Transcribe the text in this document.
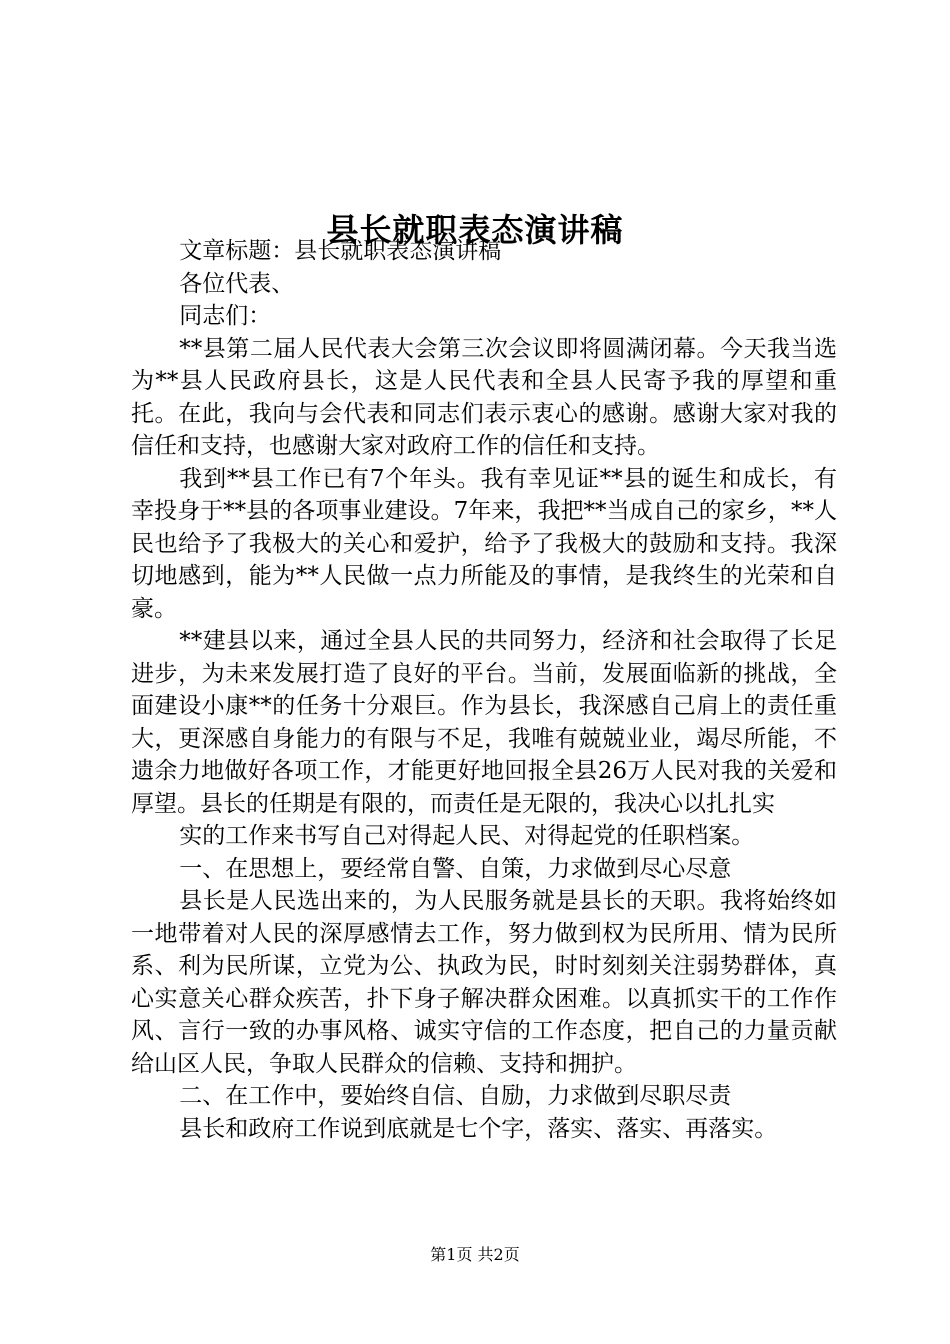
县长就职表态演讲稿

文章标题：县长就职表态演讲稿

各位代表、

同志们：

**县第二届人民代表大会第三次会议即将圆满闭幕。今天我当选为**县人民政府县长，这是人民代表和全县人民寄予我的厚望和重托。在此，我向与会代表和同志们表示衷心的感谢。感谢大家对我的信任和支持，也感谢大家对政府工作的信任和支持。

我到**县工作已有7个年头。我有幸见证**县的诞生和成长，有幸投身于**县的各项事业建设。7年来，我把**当成自己的家乡，**人民也给予了我极大的关心和爱护，给予了我极大的鼓励和支持。我深切地感到，能为**人民做一点力所能及的事情，是我终生的光荣和自豪。

**建县以来，通过全县人民的共同努力，经济和社会取得了长足进步，为未来发展打造了良好的平台。当前，发展面临新的挑战，全面建设小康**的任务十分艰巨。作为县长，我深感自己肩上的责任重大，更深感自身能力的有限与不足，我唯有兢兢业业，竭尽所能，不遗余力地做好各项工作，才能更好地回报全县26万人民对我的关爱和厚望。县长的任期是有限的，而责任是无限的，我决心以扎扎实

实的工作来书写自己对得起人民、对得起党的任职档案。

一、在思想上，要经常自警、自策，力求做到尽心尽意

县长是人民选出来的，为人民服务就是县长的天职。我将始终如一地带着对人民的深厚感情去工作，努力做到权为民所用、情为民所系、利为民所谋，立党为公、执政为民，时时刻刻关注弱势群体，真心实意关心群众疾苦，扑下身子解决群众困难。以真抓实干的工作作风、言行一致的办事风格、诚实守信的工作态度，把自己的力量贡献给山区人民，争取人民群众的信赖、支持和拥护。

二、在工作中，要始终自信、自励，力求做到尽职尽责

县长和政府工作说到底就是七个字，落实、落实、再落实。

第1页 共2页
